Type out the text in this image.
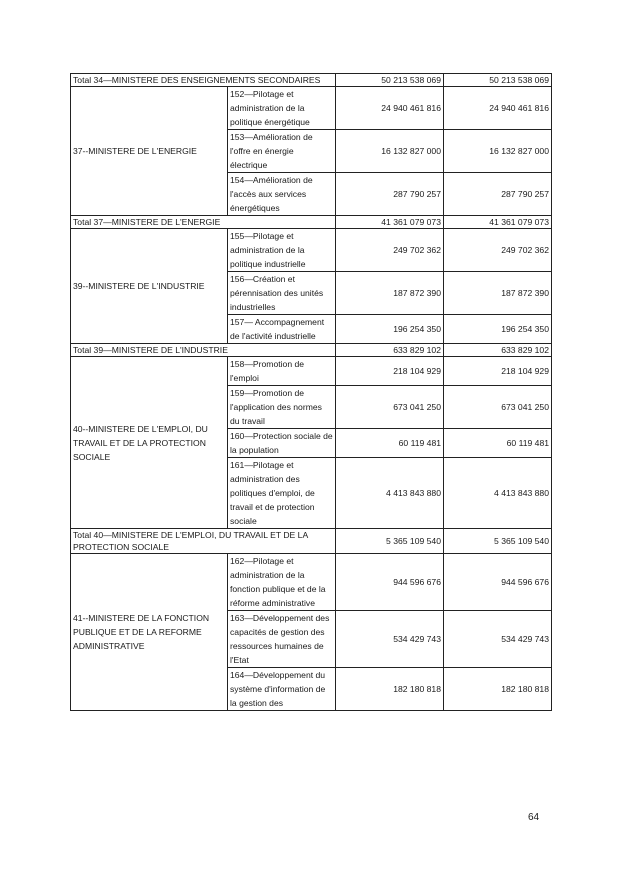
Total 34—MINISTERE DES ENSEIGNEMENTS SECONDAIRES		50 213 538 069	50 213 538 069
37--MINISTERE DE L'ENERGIE	152—Pilotage et administration de la politique énergétique	24 940 461 816	24 940 461 816
	153—Amélioration de l'offre en énergie électrique	16 132 827 000	16 132 827 000
	154—Amélioration de l'accès aux services énergétiques	287 790 257	287 790 257
Total 37—MINISTERE DE L'ENERGIE		41 361 079 073	41 361 079 073
39--MINISTERE DE L'INDUSTRIE	155—Pilotage et administration de la politique industrielle	249 702 362	249 702 362
	156—Création et pérennisation des unités industrielles	187 872 390	187 872 390
	157— Accompagnement de l'activité industrielle	196 254 350	196 254 350
Total 39—MINISTERE DE L'INDUSTRIE		633 829 102	633 829 102
40--MINISTERE DE L'EMPLOI, DU TRAVAIL ET DE LA PROTECTION SOCIALE	158—Promotion de l'emploi	218 104 929	218 104 929
	159—Promotion de l'application des normes du travail	673 041 250	673 041 250
	160—Protection sociale de la population	60 119 481	60 119 481
	161—Pilotage et administration des politiques d'emploi, de travail et de protection sociale	4 413 843 880	4 413 843 880
Total 40—MINISTERE DE L'EMPLOI, DU TRAVAIL ET DE LA PROTECTION SOCIALE		5 365 109 540	5 365 109 540
41--MINISTERE DE LA FONCTION PUBLIQUE ET DE LA REFORME ADMINISTRATIVE	162—Pilotage et administration de la fonction publique et de la réforme administrative	944 596 676	944 596 676
	163—Développement des capacités de gestion des ressources humaines de l'Etat	534 429 743	534 429 743
	164—Développement du système d'information de la gestion des	182 180 818	182 180 818
64
